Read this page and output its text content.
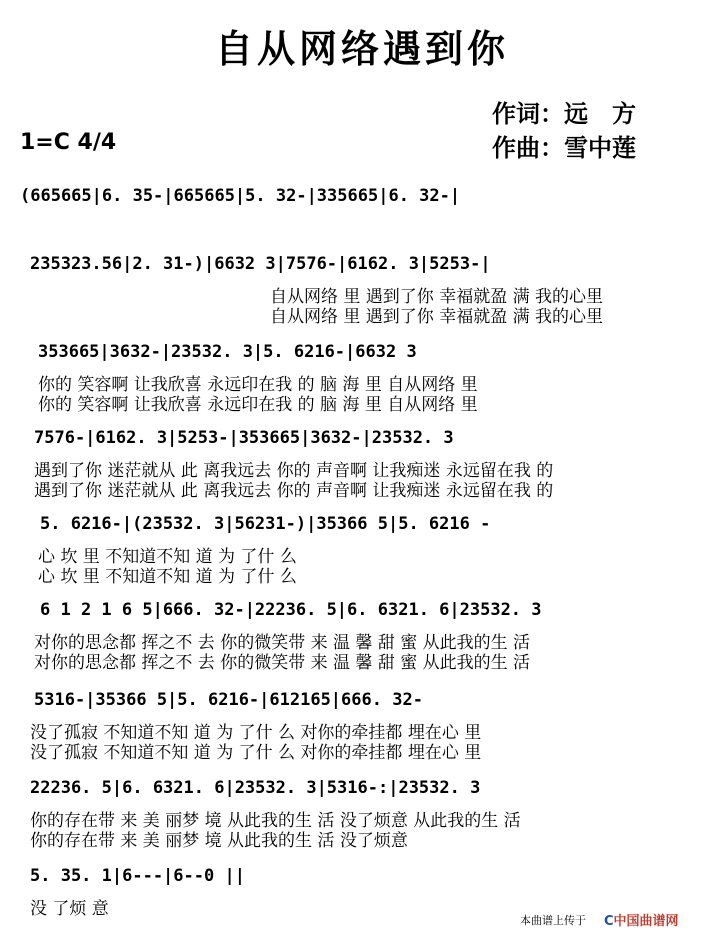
自从网络遇到你
作词：远　方
作曲：雪中莲
1=C 4/4
(665665|6. 35-|665665|5. 32-|335665|6. 32-|
235323.56|2. 31-)|6632 3|7576-|6162. 3|5253-|
自从网络 里 遇到了你 幸福就盈 满 我的心里
自从网络 里 遇到了你 幸福就盈 满 我的心里
353665|3632-|23532. 3|5. 6216-|6632 3
你的 笑容啊 让我欣喜 永远印在我 的 脑 海 里 自从网络 里
你的 笑容啊 让我欣喜 永远印在我 的 脑 海 里 自从网络 里
7576-|6162. 3|5253-|353665|3632-|23532. 3
遇到了你 迷茫就从 此 离我远去 你的 声音啊 让我痴迷 永远留在我 的
遇到了你 迷茫就从 此 离我远去 你的 声音啊 让我痴迷 永远留在我 的
5. 6216-|(23532. 3|56231-)|35366 5|5. 6216 -
心 坎 里 不知道不知 道 为 了什 么
心 坎 里 不知道不知 道 为 了什 么
6 1 2 1 6 5|666. 32-|22236. 5|6. 6321. 6|23532. 3
对你的思念都 挥之不 去 你的微笑带 来 温 馨 甜 蜜 从此我的生 活
对你的思念都 挥之不 去 你的微笑带 来 温 馨 甜 蜜 从此我的生 活
5316-|35366 5|5. 6216-|612165|666. 32-
没了孤寂 不知道不知 道 为 了什 么 对你的牵挂都 埋在心 里
没了孤寂 不知道不知 道 为 了什 么 对你的牵挂都 埋在心 里
22236. 5|6. 6321. 6|23532. 3|5316-:|23532. 3
你的存在带 来 美 丽梦 境 从此我的生 活 没了烦意 从此我的生 活
你的存在带 来 美 丽梦 境 从此我的生 活 没了烦意
5. 35. 1|6---|6--0 ||
没 了烦 意
本曲谱上传于 C中国曲谱网
